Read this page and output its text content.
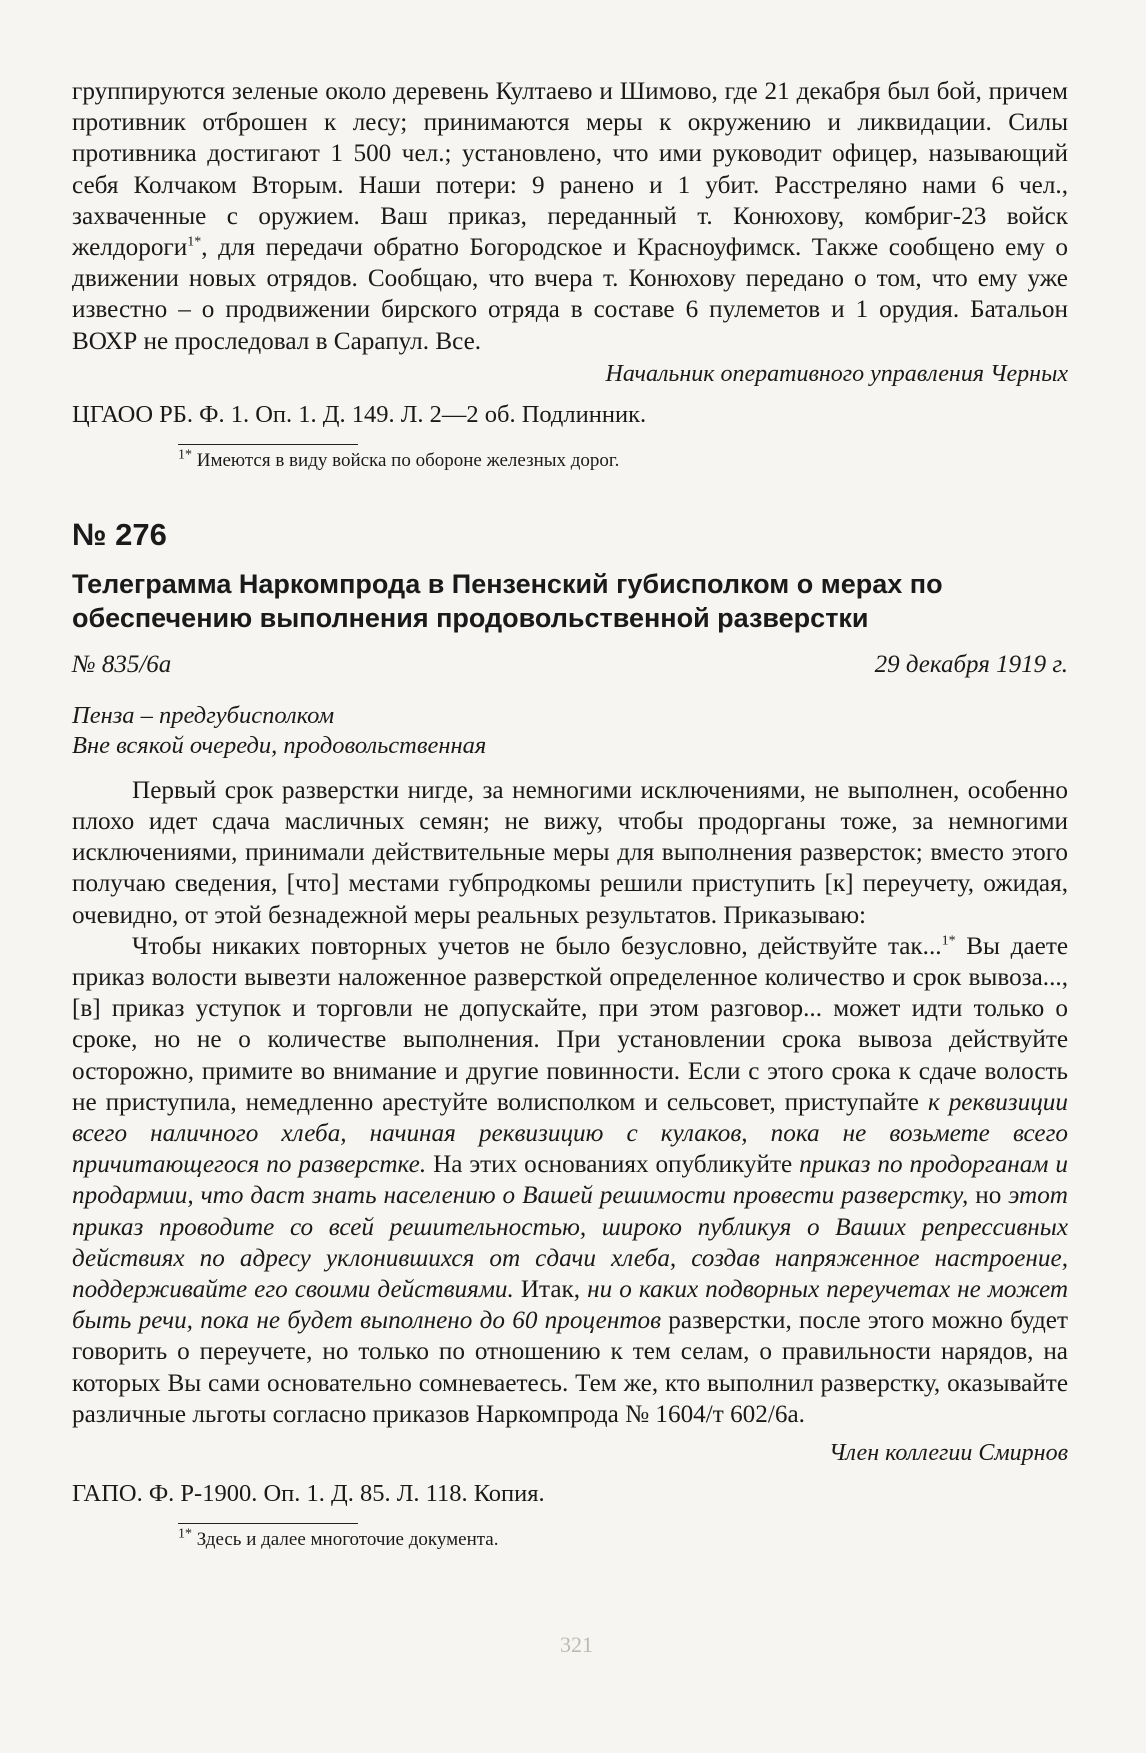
группируются зеленые около деревень Култаево и Шимово, где 21 декабря был бой, причем противник отброшен к лесу; принимаются меры к окружению и ликвидации. Силы противника достигают 1 500 чел.; установлено, что ими руководит офицер, называющий себя Колчаком Вторым. Наши потери: 9 ранено и 1 убит. Расстреляно нами 6 чел., захваченные с оружием. Ваш приказ, переданный т. Конюхову, комбриг-23 войск желдороги$^{1*}$, для передачи обратно Богородское и Красноуфимск. Также сообщено ему о движении новых отрядов. Сообщаю, что вчера т. Конюхову передано о том, что ему уже известно – о продвижении бирского отряда в составе 6 пулеметов и 1 орудия. Батальон ВОХР не проследовал в Сарапул. Все.

Начальник оперативного управления Черных

ЦГАОО РБ. Ф. 1. Оп. 1. Д. 149. Л. 2—2 об. Подлинник.

$^{1*}$ Имеются в виду войска по обороне железных дорог.

№ 276
Телеграмма Наркомпрода в Пензенский губисполком о мерах по обеспечению выполнения продовольственной разверстки
№ 835/6а	29 декабря 1919 г.
Пенза – предгубисполком
Вне всякой очереди, продовольственная

Первый срок разверстки нигде, за немногими исключениями, не выполнен, особенно плохо идет сдача масличных семян; не вижу, чтобы продорганы тоже, за немногими исключениями, принимали действительные меры для выполнения разверсток; вместо этого получаю сведения, [что] местами губпродкомы решили приступить [к] переучету, ожидая, очевидно, от этой безнадежной меры реальных результатов. Приказываю:

Чтобы никаких повторных учетов не было безусловно, действуйте так...$^{1*}$ Вы даете приказ волости вывезти наложенное разверсткой определенное количество и срок вывоза..., [в] приказ уступок и торговли не допускайте, при этом разговор... может идти только о сроке, но не о количестве выполнения. При установлении срока вывоза действуйте осторожно, примите во внимание и другие повинности. Если с этого срока к сдаче волость не приступила, немедленно арестуйте волисполком и сельсовет, приступайте к реквизиции всего наличного хлеба, начиная реквизицию с кулаков, пока не возьмете всего причитающегося по разверстке. На этих основаниях опубликуйте приказ по продорганам и продармии, что даст знать населению о Вашей решимости провести разверстку, но этот приказ проводите со всей решительностью, широко публикуя о Ваших репрессивных действиях по адресу уклонившихся от сдачи хлеба, создав напряженное настроение, поддерживайте его своими действиями. Итак, ни о каких подворных переучетах не может быть речи, пока не будет выполнено до 60 процентов разверстки, после этого можно будет говорить о переучете, но только по отношению к тем селам, о правильности нарядов, на которых Вы сами основательно сомневаетесь. Тем же, кто выполнил разверстку, оказывайте различные льготы согласно приказов Наркомпрода № 1604/т 602/6а.

Член коллегии Смирнов

ГАПО. Ф. Р-1900. Оп. 1. Д. 85. Л. 118. Копия.

$^{1*}$ Здесь и далее многоточие документа.

321
